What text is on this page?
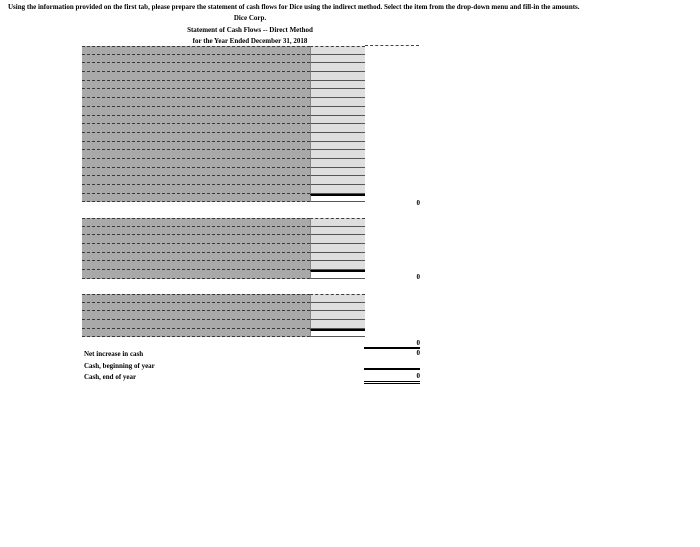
Using the information provided on the first tab, please prepare the statement of cash flows for Dice using the indirect method. Select the item from the drop-down menu and fill-in the amounts.
Dice Corp.
Statement of Cash Flows -- Direct Method
for the Year Ended December 31, 2018
0
0
0
0
Net increase in cash
Cash, beginning of year
Cash, end of year	0
